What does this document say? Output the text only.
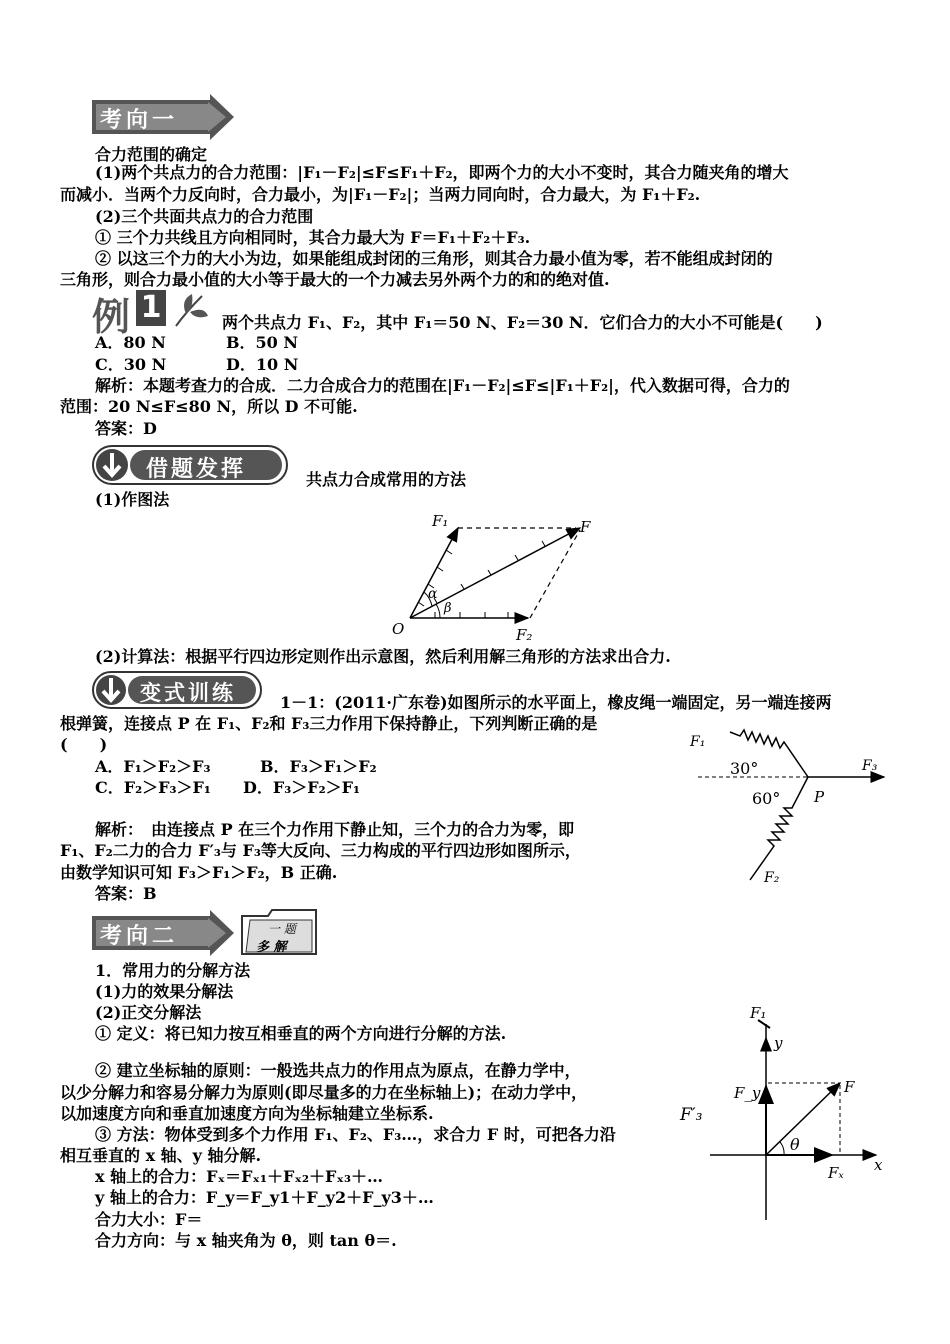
考向一
合力范围的确定
(1)两个共点力的合力范围：|F₁－F₂|≤F≤F₁＋F₂，即两个力的大小不变时，其合力随夹角的增大
而减小．当两个力反向时，合力最小，为|F₁－F₂|；当两力同向时，合力最大，为 F₁＋F₂.
(2)三个共面共点力的合力范围
① 三个力共线且方向相同时，其合力最大为 F＝F₁＋F₂＋F₃.
② 以这三个力的大小为边，如果能组成封闭的三角形，则其合力最小值为零，若不能组成封闭的
三角形，则合力最小值的大小等于最大的一个力减去另外两个力的和的绝对值.
例 1	两个共点力 F₁、F₂，其中 F₁＝50 N、F₂＝30 N．它们合力的大小不可能是(　　)
A．80 N	B．50 N
C．30 N	D．10 N
解析：本题考查力的合成．二力合成合力的范围在|F₁－F₂|≤F≤|F₁＋F₂|，代入数据可得，合力的
范围：20 N≤F≤80 N，所以 D 不可能.
答案：D
借题发挥	共点力合成常用的方法
(1)作图法
α
β
F₁	F
O	F₂
(2)计算法：根据平行四边形定则作出示意图，然后利用解三角形的方法求出合力.
变式训练	1－1：(2011·广东卷)如图所示的水平面上，橡皮绳一端固定，另一端连接两
根弹簧，连接点 P 在 F₁、F₂和 F₃三力作用下保持静止，下列判断正确的是
(　　)
A．F₁＞F₂＞F₃	B．F₃＞F₁＞F₂
C．F₂＞F₃＞F₁ D．F₃＞F₂＞F₁
F₁
F₃
30°
60° P
F₂
解析：　由连接点 P 在三个力作用下静止知，三个力的合力为零，即
F₁、F₂二力的合力 F′₃与 F₃等大反向、三力构成的平行四边形如图所示，
由数学知识可知 F₃＞F₁＞F₂，B 正确.
答案：B
考向二	一 题
多 解
1．常用力的分解方法
(1)力的效果分解法
(2)正交分解法
① 定义：将已知力按互相垂直的两个方向进行分解的方法.
② 建立坐标轴的原则：一般选共点力的作用点为原点，在静力学中，
以少分解力和容易分解力为原则(即尽量多的力在坐标轴上)；在动力学中，
以加速度方向和垂直加速度方向为坐标轴建立坐标系.
③ 方法：物体受到多个力作用 F₁、F₂、F₃…，求合力 F 时，可把各力沿
相互垂直的 x 轴、y 轴分解.
x 轴上的合力：Fₓ＝Fₓ₁＋Fₓ₂＋Fₓ₃＋…
y 轴上的合力：F_y＝F_y1＋F_y2＋F_y3＋…
合力大小：F＝
合力方向：与 x 轴夹角为 θ，则 tan θ＝.
F₁
y
F_y	F
F′₃
θ
Fₓ x
